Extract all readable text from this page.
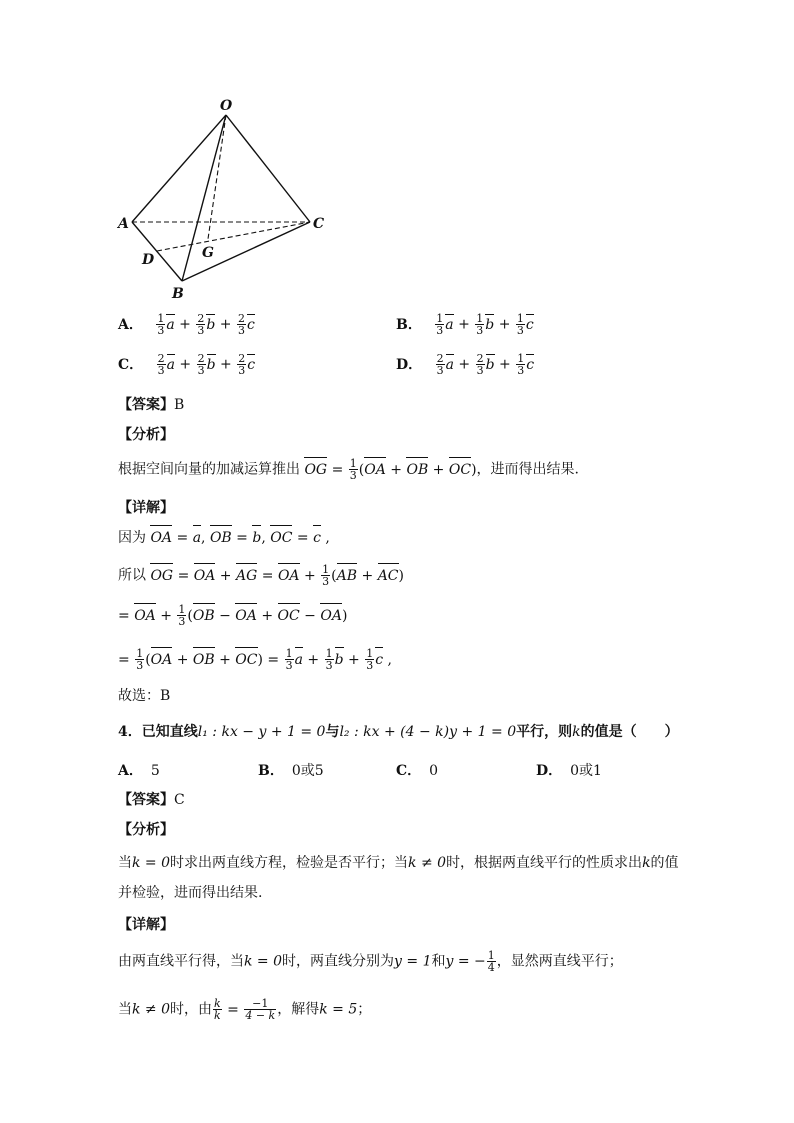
O
A	C
D	G
B
A． $\frac{1}{3}$ $a + \frac{2}{3}$ $b + \frac{2}{3}$ c	B． $\frac{1}{3}$ $a + \frac{1}{3}$ $b + \frac{1}{3}$ c
C． $\frac{2}{3}$ $a + \frac{2}{3}$ $b + \frac{2}{3}$ c	D． $\frac{2}{3}$ $a + \frac{2}{3}$ $b + \frac{1}{3}$ c
【答案】B
【分析】
根据空间向量的加减运算推出 OG = $\frac{1}{3} (OA$ + OB + OC)，进而得出结果.
【详解】
因为 OA = a, OB = b, OC = c ,
所以 OG = OA + AG = OA + $\frac{1}{3} (AB + AC)$
= OA + $\frac{1}{3} (OB$ − OA + OC − OA)
= $\frac{1}{3} (OA$ + OB + $OC) = \frac{1}{3}$ $a + \frac{1}{3}$ $b + \frac{1}{3}$ c ,
故选：B
4．已知直线l₁ : kx − y + 1 = 0与l₂ : kx + (4 − k)y + 1 = 0平行，则k的值是（　　）
A． 5	B． 0或5	C． 0	D． 0或1
【答案】C
【分析】
当k = 0时求出两直线方程，检验是否平行；当k ≠ 0时，根据两直线平行的性质求出k的值
并检验，进而得出结果.
【详解】
由两直线平行得，当k = 0时，两直线分别为y = 1和y = − $\frac{1}{4}$ ，显然两直线平行；
当k ≠ 0时，由 $\frac{k}{k} = \frac{-1}{4 - k}$ ，解得k = 5；
